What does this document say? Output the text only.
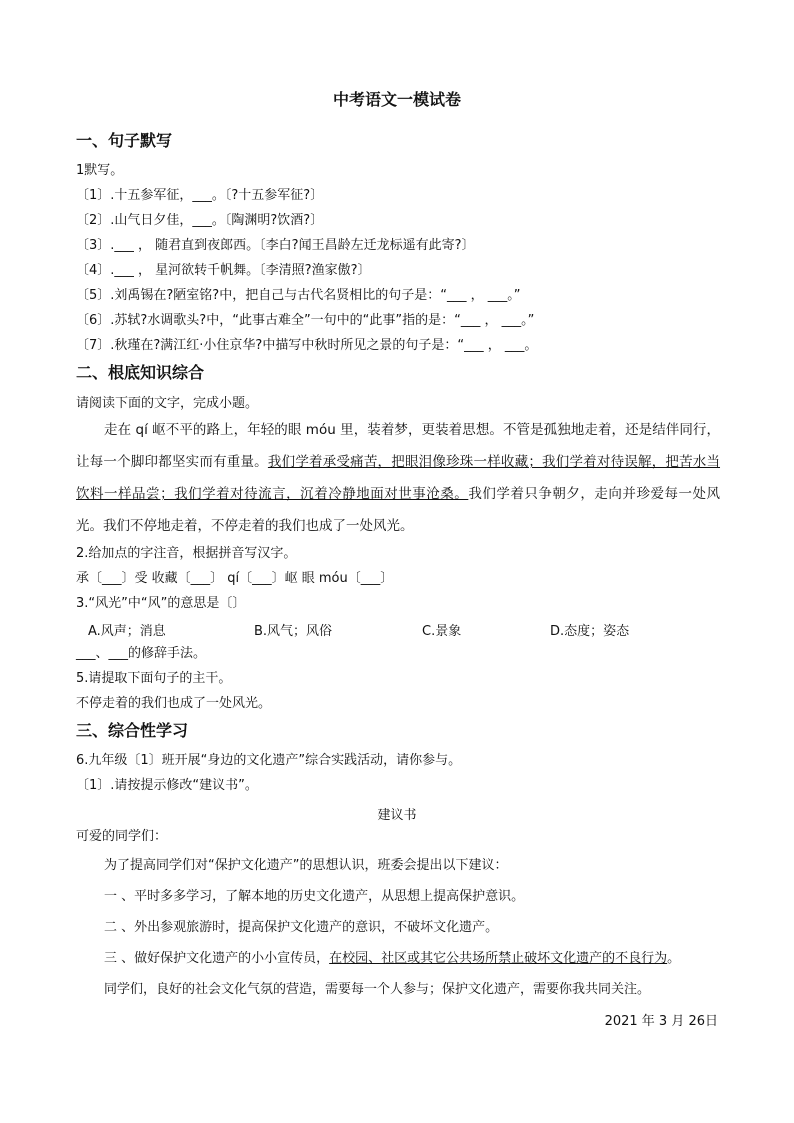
中考语文一模试卷
一、句子默写
1默写。
〔1〕.十五参军征，___。〔?十五参军征?〕
〔2〕.山气日夕佳，___。〔陶渊明?饮酒?〕
〔3〕.___ ， 随君直到夜郎西。〔李白?闻王昌龄左迁龙标遥有此寄?〕
〔4〕.___ ， 星河欲转千帆舞。〔李清照?渔家傲?〕
〔5〕.刘禹锡在?陋室铭?中，把自己与古代名贤相比的句子是：“___ ， ___。”
〔6〕.苏轼?水调歌头?中，“此事古难全”一句中的“此事”指的是：“___ ， ___。”
〔7〕.秋瑾在?满江红·小住京华?中描写中秋时所见之景的句子是：“___ ， ___。
二、根底知识综合
请阅读下面的文字，完成小题。
走在 qí 岖不平的路上，年轻的眼 móu 里，装着梦，更装着思想。不管是孤独地走着，还是结伴同行，让每一个脚印都坚实而有重量。我们学着承受痛苦，把眼泪像珍珠一样收藏；我们学着对待误解，把苦水当饮料一样品尝；我们学着对待流言，沉着冷静地面对世事沧桑。我们学着只争朝夕，走向并珍爱每一处风光。我们不停地走着，不停走着的我们也成了一处风光。
2.给加点的字注音，根据拼音写汉字。
承〔___〕受 收藏〔___〕 qí〔___〕岖 眼 móu〔___〕
3.“风光”中“风”的意思是〔〕
A.风声；消息	B.风气；风俗	C.景象	D.态度；姿态
___、___的修辞手法。
5.请提取下面句子的主干。
不停走着的我们也成了一处风光。
三、综合性学习
6.九年级〔1〕班开展“身边的文化遗产”综合实践活动，请你参与。
〔1〕.请按提示修改“建议书”。
建议书
可爱的同学们：
为了提高同学们对“保护文化遗产”的思想认识，班委会提出以下建议：
一 、平时多多学习，了解本地的历史文化遗产，从思想上提高保护意识。
二 、外出参观旅游时，提高保护文化遗产的意识，不破坏文化遗产。
三 、做好保护文化遗产的小小宣传员，在校园、社区或其它公共场所禁止破坏文化遗产的不良行为。
同学们，良好的社会文化气氛的营造，需要每一个人参与；保护文化遗产，需要你我共同关注。
2021 年 3 月 26日
